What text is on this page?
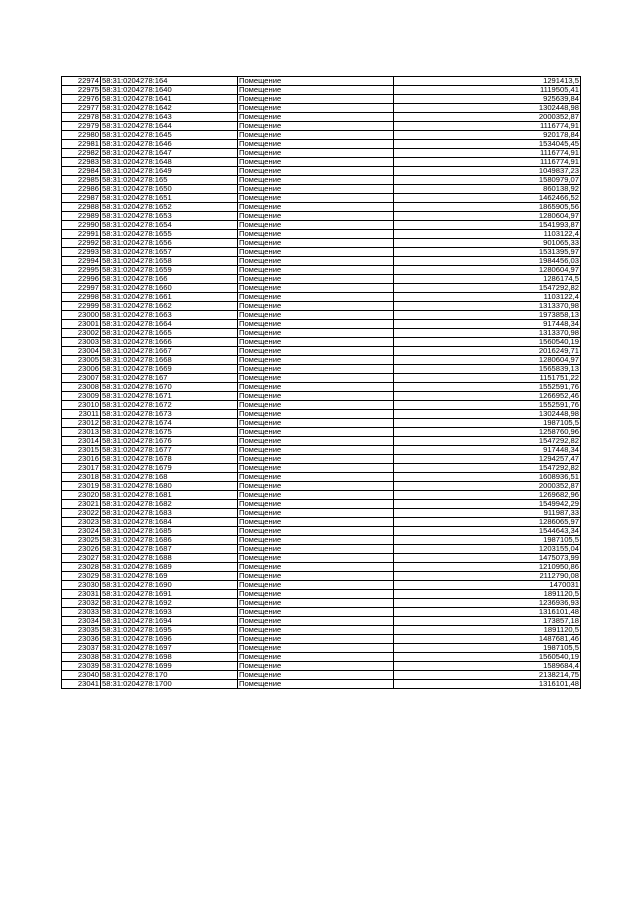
22974	58:31:0204278:164	Помещение	1291413,5
22975	58:31:0204278:1640	Помещение	1119505,41
22976	58:31:0204278:1641	Помещение	925639,84
22977	58:31:0204278:1642	Помещение	1302448,98
22978	58:31:0204278:1643	Помещение	2000352,87
22979	58:31:0204278:1644	Помещение	1116774,91
22980	58:31:0204278:1645	Помещение	920178,84
22981	58:31:0204278:1646	Помещение	1534045,45
22982	58:31:0204278:1647	Помещение	1116774,91
22983	58:31:0204278:1648	Помещение	1116774,91
22984	58:31:0204278:1649	Помещение	1049837,23
22985	58:31:0204278:165	Помещение	1580979,07
22986	58:31:0204278:1650	Помещение	860138,92
22987	58:31:0204278:1651	Помещение	1462466,52
22988	58:31:0204278:1652	Помещение	1865905,56
22989	58:31:0204278:1653	Помещение	1280604,97
22990	58:31:0204278:1654	Помещение	1541993,87
22991	58:31:0204278:1655	Помещение	1103122,4
22992	58:31:0204278:1656	Помещение	901065,33
22993	58:31:0204278:1657	Помещение	1531395,97
22994	58:31:0204278:1658	Помещение	1984456,03
22995	58:31:0204278:1659	Помещение	1280604,97
22996	58:31:0204278:166	Помещение	1286174,5
22997	58:31:0204278:1660	Помещение	1547292,82
22998	58:31:0204278:1661	Помещение	1103122,4
22999	58:31:0204278:1662	Помещение	1313370,98
23000	58:31:0204278:1663	Помещение	1973858,13
23001	58:31:0204278:1664	Помещение	917448,34
23002	58:31:0204278:1665	Помещение	1313370,98
23003	58:31:0204278:1666	Помещение	1560540,19
23004	58:31:0204278:1667	Помещение	2016249,71
23005	58:31:0204278:1668	Помещение	1280604,97
23006	58:31:0204278:1669	Помещение	1565839,13
23007	58:31:0204278:167	Помещение	1151751,22
23008	58:31:0204278:1670	Помещение	1552591,76
23009	58:31:0204278:1671	Помещение	1266952,46
23010	58:31:0204278:1672	Помещение	1552591,76
23011	58:31:0204278:1673	Помещение	1302448,98
23012	58:31:0204278:1674	Помещение	1987105,5
23013	58:31:0204278:1675	Помещение	1258760,96
23014	58:31:0204278:1676	Помещение	1547292,82
23015	58:31:0204278:1677	Помещение	917448,34
23016	58:31:0204278:1678	Помещение	1294257,47
23017	58:31:0204278:1679	Помещение	1547292,82
23018	58:31:0204278:168	Помещение	1608936,51
23019	58:31:0204278:1680	Помещение	2000352,87
23020	58:31:0204278:1681	Помещение	1269682,96
23021	58:31:0204278:1682	Помещение	1549942,29
23022	58:31:0204278:1683	Помещение	911987,33
23023	58:31:0204278:1684	Помещение	1286065,97
23024	58:31:0204278:1685	Помещение	1544643,34
23025	58:31:0204278:1686	Помещение	1987105,5
23026	58:31:0204278:1687	Помещение	1203155,04
23027	58:31:0204278:1688	Помещение	1475073,99
23028	58:31:0204278:1689	Помещение	1210950,86
23029	58:31:0204278:169	Помещение	2112790,08
23030	58:31:0204278:1690	Помещение	1470031
23031	58:31:0204278:1691	Помещение	1891120,5
23032	58:31:0204278:1692	Помещение	1236936,93
23033	58:31:0204278:1693	Помещение	1316101,48
23034	58:31:0204278:1694	Помещение	173857,18
23035	58:31:0204278:1695	Помещение	1891120,5
23036	58:31:0204278:1696	Помещение	1487681,46
23037	58:31:0204278:1697	Помещение	1987105,5
23038	58:31:0204278:1698	Помещение	1560540,19
23039	58:31:0204278:1699	Помещение	1589684,4
23040	58:31:0204278:170	Помещение	2138214,75
23041	58:31:0204278:1700	Помещение	1316101,48
